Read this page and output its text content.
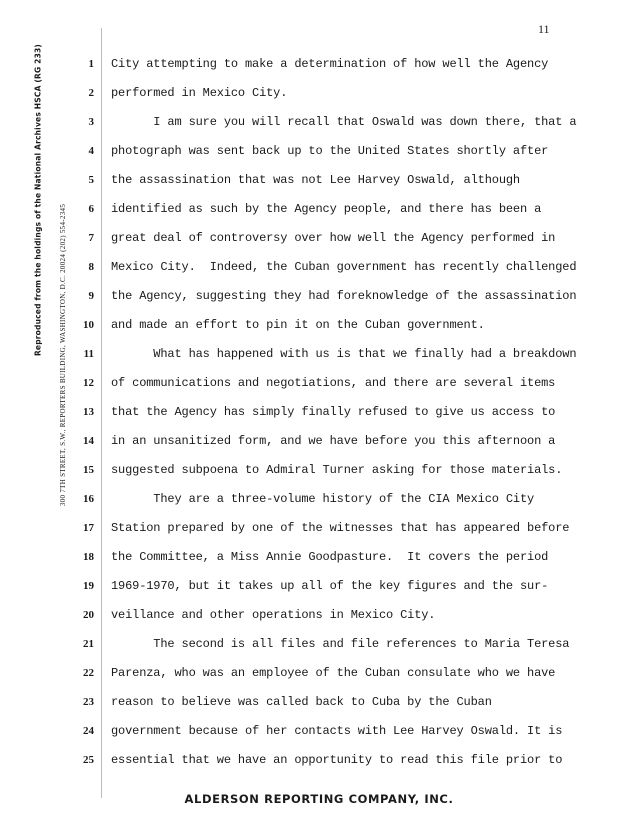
11
Reproduced from the holdings of the National Archives HSCA (RG 233) 300 7TH STREET, S.W., REPORTERS BUILDING, WASHINGTON, D.C. 20024 (202) 554-2345
1 City attempting to make a determination of how well the Agency
2 performed in Mexico City.
3 I am sure you will recall that Oswald was down there, that a
4 photograph was sent back up to the United States shortly after
5 the assassination that was not Lee Harvey Oswald, although
6 identified as such by the Agency people, and there has been a
7 great deal of controversy over how well the Agency performed in
8 Mexico City.  Indeed, the Cuban government has recently challenged
9 the Agency, suggesting they had foreknowledge of the assassination
10 and made an effort to pin it on the Cuban government.
11 What has happened with us is that we finally had a breakdown
12 of communications and negotiations, and there are several items
13 that the Agency has simply finally refused to give us access to
14 in an unsanitized form, and we have before you this afternoon a
15 suggested subpoena to Admiral Turner asking for those materials.
16 They are a three-volume history of the CIA Mexico City
17 Station prepared by one of the witnesses that has appeared before
18 the Committee, a Miss Annie Goodpasture.  It covers the period
19 1969-1970, but it takes up all of the key figures and the sur-
20 veillance and other operations in Mexico City.
21 The second is all files and file references to Maria Teresa
22 Parenza, who was an employee of the Cuban consulate who we have
23 reason to believe was called back to Cuba by the Cuban
24 government because of her contacts with Lee Harvey Oswald. It is
25 essential that we have an opportunity to read this file prior to
ALDERSON REPORTING COMPANY, INC.
